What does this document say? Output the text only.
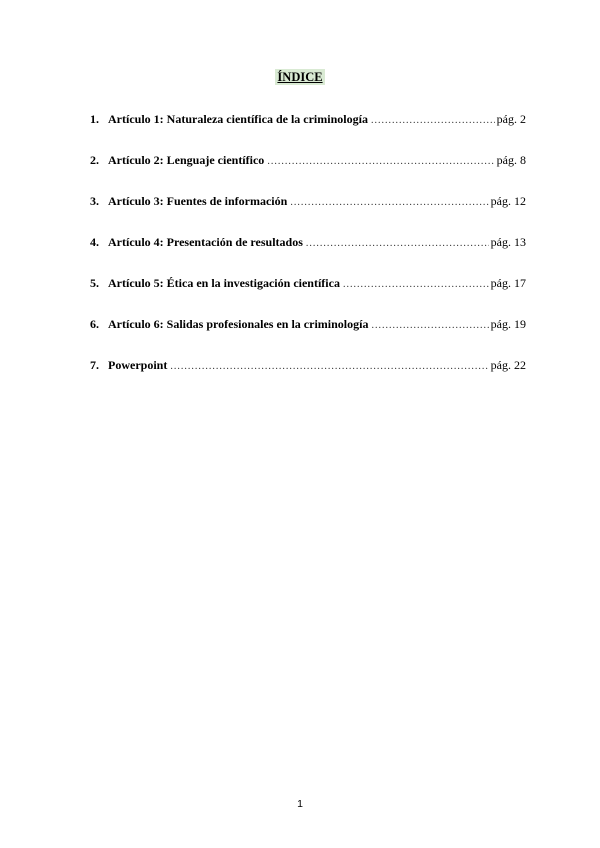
ÍNDICE
1. Artículo 1: Naturaleza científica de la criminología .....	pág. 2
2. Artículo 2: Lenguaje científico .....	pág. 8
3. Artículo 3: Fuentes de información .....	pág. 12
4. Artículo 4: Presentación de resultados .....	pág. 13
5. Artículo 5: Ética en la investigación científica .....	pág. 17
6. Artículo 6: Salidas profesionales en la criminología .....	pág. 19
7. Powerpoint .....	pág. 22
1
